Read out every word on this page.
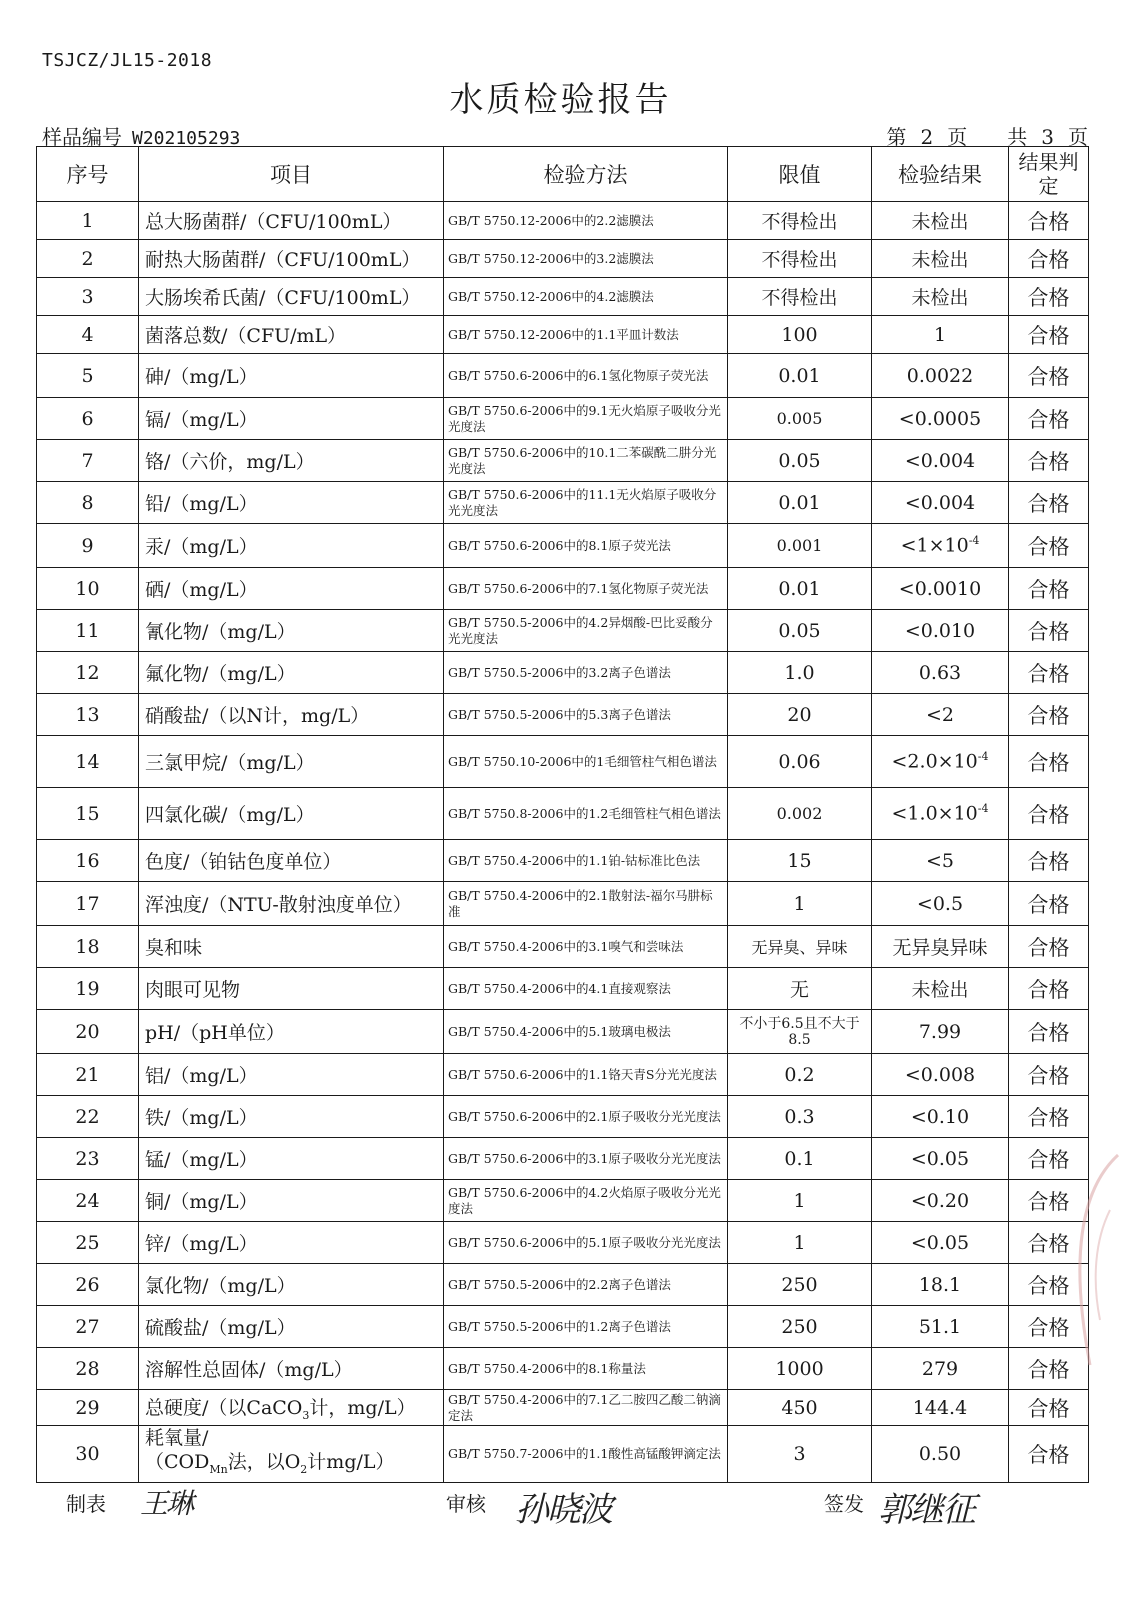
TSJCZ/JL15-2018
水质检验报告
样品编号 W202105293	第 2 页 共 3 页
序号	项目	检验方法	限值	检验结果	结果判定
1	总大肠菌群/（CFU/100mL）	GB/T 5750.12-2006中的2.2滤膜法	不得检出	未检出	合格
2	耐热大肠菌群/（CFU/100mL）	GB/T 5750.12-2006中的3.2滤膜法	不得检出	未检出	合格
3	大肠埃希氏菌/（CFU/100mL）	GB/T 5750.12-2006中的4.2滤膜法	不得检出	未检出	合格
4	菌落总数/（CFU/mL）	GB/T 5750.12-2006中的1.1平皿计数法	100	1	合格
5	砷/（mg/L）	GB/T 5750.6-2006中的6.1氢化物原子荧光法	0.01	0.0022	合格
6	镉/（mg/L）	GB/T 5750.6-2006中的9.1无火焰原子吸收分光光度法	0.005	<0.0005	合格
7	铬/（六价，mg/L）	GB/T 5750.6-2006中的10.1二苯碳酰二肼分光光度法	0.05	<0.004	合格
8	铅/（mg/L）	GB/T 5750.6-2006中的11.1无火焰原子吸收分光光度法	0.01	<0.004	合格
9	汞/（mg/L）	GB/T 5750.6-2006中的8.1原子荧光法	0.001	$<1\times 10^{-4}$	合格
10	硒/（mg/L）	GB/T 5750.6-2006中的7.1氢化物原子荧光法	0.01	<0.0010	合格
11	氰化物/（mg/L）	GB/T 5750.5-2006中的4.2异烟酸-巴比妥酸分光光度法	0.05	<0.010	合格
12	氟化物/（mg/L）	GB/T 5750.5-2006中的3.2离子色谱法	1.0	0.63	合格
13	硝酸盐/（以N计，mg/L）	GB/T 5750.5-2006中的5.3离子色谱法	20	<2	合格
14	三氯甲烷/（mg/L）	GB/T 5750.10-2006中的1毛细管柱气相色谱法	0.06	$<2.0\times 10^{-4}$	合格
15	四氯化碳/（mg/L）	GB/T 5750.8-2006中的1.2毛细管柱气相色谱法	0.002	$<1.0\times 10^{-4}$	合格
16	色度/（铂钴色度单位）	GB/T 5750.4-2006中的1.1铂-钴标准比色法	15	<5	合格
17	浑浊度/（NTU-散射浊度单位）	GB/T 5750.4-2006中的2.1散射法-福尔马肼标准	1	<0.5	合格
18	臭和味	GB/T 5750.4-2006中的3.1嗅气和尝味法	无异臭、异味	无异臭异味	合格
19	肉眼可见物	GB/T 5750.4-2006中的4.1直接观察法	无	未检出	合格
20	pH/（pH单位）	GB/T 5750.4-2006中的5.1玻璃电极法	不小于6.5且不大于8.5	7.99	合格
21	铝/（mg/L）	GB/T 5750.6-2006中的1.1铬天青S分光光度法	0.2	<0.008	合格
22	铁/（mg/L）	GB/T 5750.6-2006中的2.1原子吸收分光光度法	0.3	<0.10	合格
23	锰/（mg/L）	GB/T 5750.6-2006中的3.1原子吸收分光光度法	0.1	<0.05	合格
24	铜/（mg/L）	GB/T 5750.6-2006中的4.2火焰原子吸收分光光度法	1	<0.20	合格
25	锌/（mg/L）	GB/T 5750.6-2006中的5.1原子吸收分光光度法	1	<0.05	合格
26	氯化物/（mg/L）	GB/T 5750.5-2006中的2.2离子色谱法	250	18.1	合格
27	硫酸盐/（mg/L）	GB/T 5750.5-2006中的1.2离子色谱法	250	51.1	合格
28	溶解性总固体/（mg/L）	GB/T 5750.4-2006中的8.1称量法	1000	279	合格
29	总硬度/（以CaCO$_3$计，mg/L）	GB/T 5750.4-2006中的7.1乙二胺四乙酸二钠滴定法	450	144.4	合格
30	耗氧量/
（$COD_{Mn}$法，以$O_2$计mg/L）	GB/T 5750.7-2006中的1.1酸性高锰酸钾滴定法	3	0.50	合格
制表 王琳	审核 孙晓波	签发 郭继征
